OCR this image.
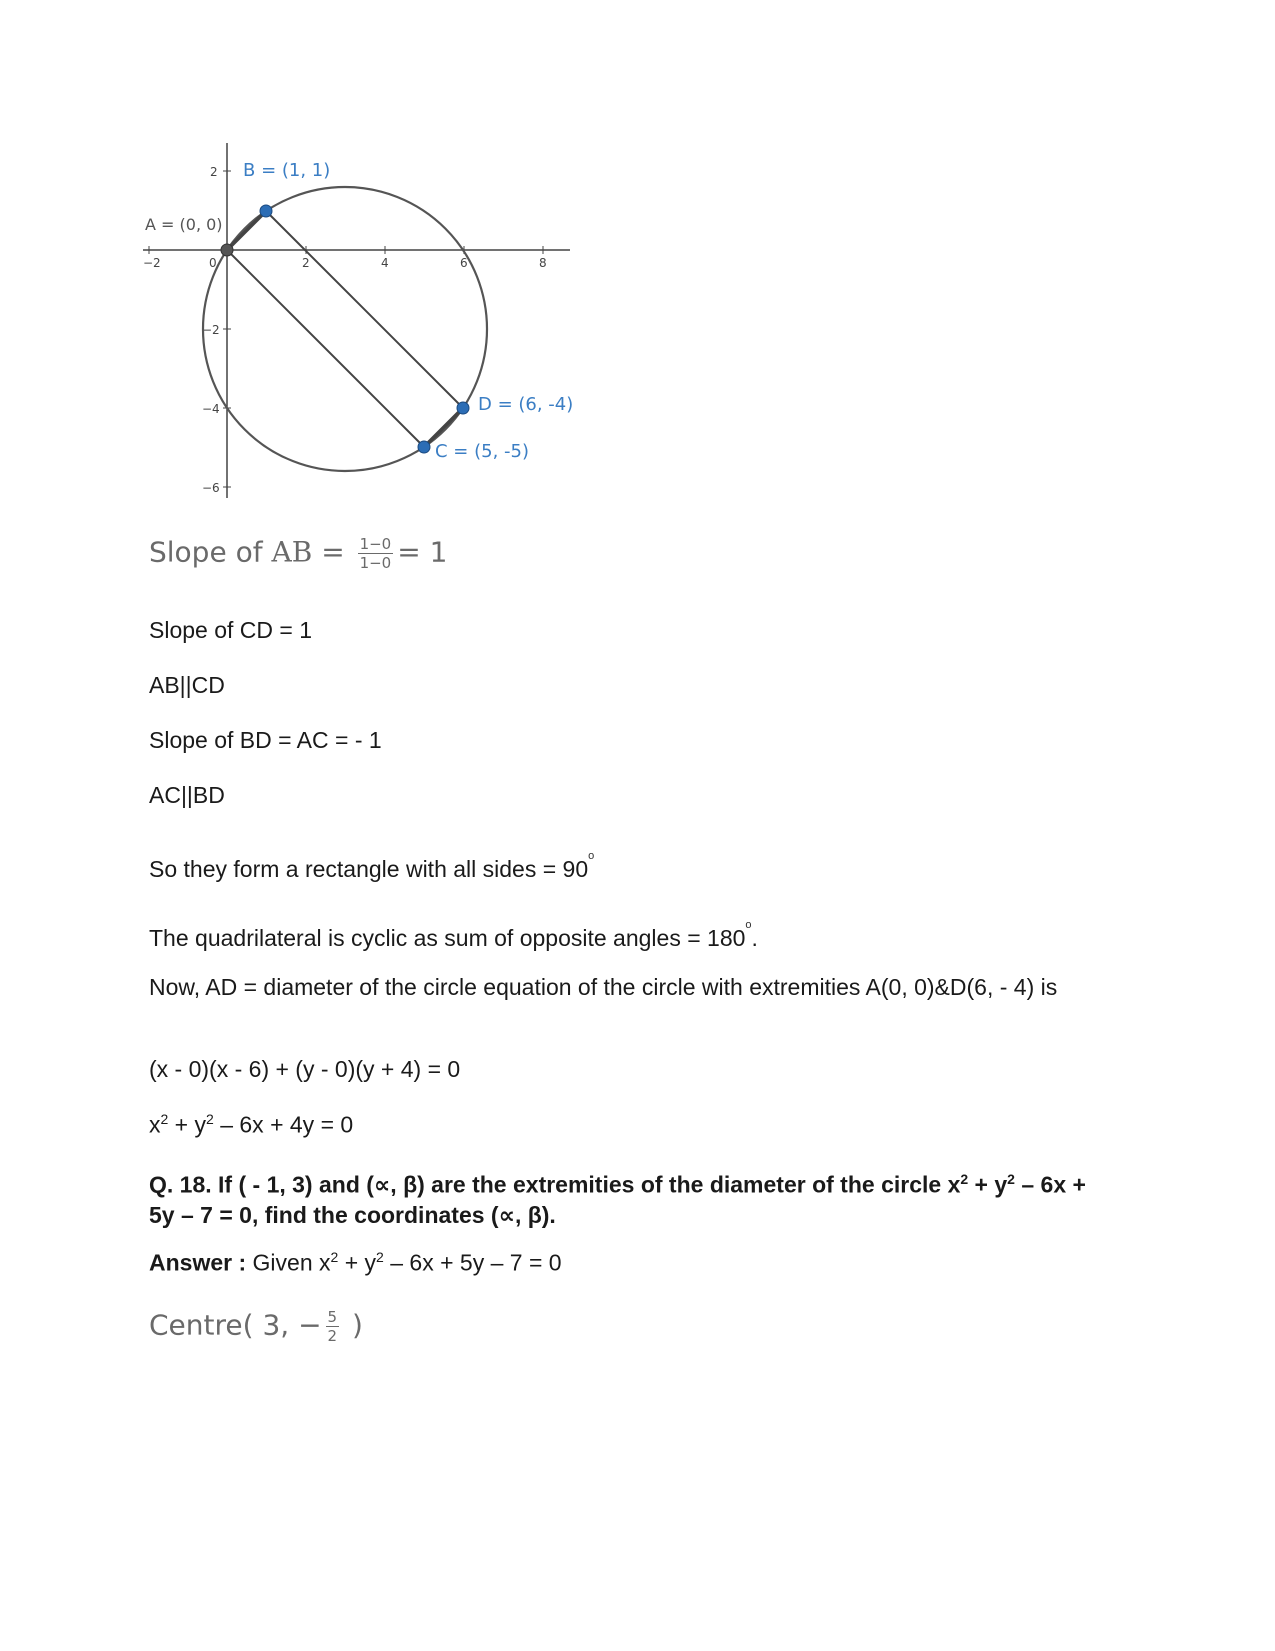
−2	0	2	4	6	8
2
−2
−4
−6
A = (0, 0)
B = (1, 1)
C = (5, -5)
D = (6, -4)
Slope of AB = $\frac{1-0}{1-0} = 1$
Slope of CD = 1
AB||CD
Slope of BD = AC = - 1
AC||BD
So they form a rectangle with all sides = $90^o$
The quadrilateral is cyclic as sum of opposite angles = $180^o$.
Now, AD = diameter of the circle equation of the circle with extremities A(0, 0)&D(6, - 4) is
(x - 0)(x - 6) + (y - 0)(y + 4) = 0
$x^2 + y^2 - 6x + 4y = 0$
Q. 18. If ( - 1, 3) and (∝, β) are the extremities of the diameter of the circle $x^2 + y^2 - 6x + 5y - 7 = 0$, find the coordinates (∝, β).
Answer : Given $x^2 + y^2 - 6x + 5y - 7 = 0$
Centre( 3, − $\frac{5}{2}$ )
